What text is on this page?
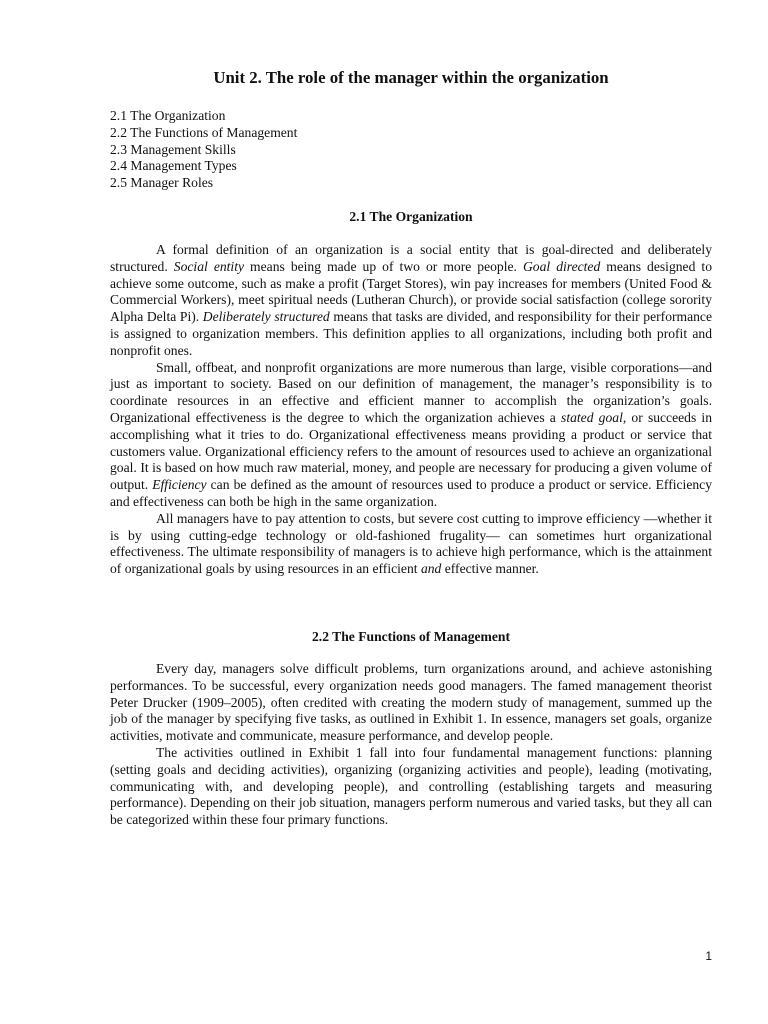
Unit 2. The role of the manager within the organization
2.1 The Organization
2.2 The Functions of Management
2.3 Management Skills
2.4 Management Types
2.5 Manager Roles
2.1 The Organization

A formal definition of an organization is a social entity that is goal-directed and deliberately structured. Social entity means being made up of two or more people. Goal directed means designed to achieve some outcome, such as make a profit (Target Stores), win pay increases for members (United Food & Commercial Workers), meet spiritual needs (Lutheran Church), or provide social satisfaction (college sorority Alpha Delta Pi). Deliberately structured means that tasks are divided, and responsibility for their performance is assigned to organization members. This definition applies to all organizations, including both profit and nonprofit ones.

Small, offbeat, and nonprofit organizations are more numerous than large, visible corporations—and just as important to society. Based on our definition of management, the manager’s responsibility is to coordinate resources in an effective and efficient manner to accomplish the organization’s goals. Organizational effectiveness is the degree to which the organization achieves a stated goal, or succeeds in accomplishing what it tries to do. Organizational effectiveness means providing a product or service that customers value. Organizational efficiency refers to the amount of resources used to achieve an organizational goal. It is based on how much raw material, money, and people are necessary for producing a given volume of output. Efficiency can be defined as the amount of resources used to produce a product or service. Efficiency and effectiveness can both be high in the same organization.

All managers have to pay attention to costs, but severe cost cutting to improve efficiency —whether it is by using cutting-edge technology or old-fashioned frugality— can sometimes hurt organizational effectiveness. The ultimate responsibility of managers is to achieve high performance, which is the attainment of organizational goals by using resources in an efficient and effective manner.

2.2 The Functions of Management

Every day, managers solve difficult problems, turn organizations around, and achieve astonishing performances. To be successful, every organization needs good managers. The famed management theorist Peter Drucker (1909–2005), often credited with creating the modern study of management, summed up the job of the manager by specifying five tasks, as outlined in Exhibit 1. In essence, managers set goals, organize activities, motivate and communicate, measure performance, and develop people.

The activities outlined in Exhibit 1 fall into four fundamental management functions: planning (setting goals and deciding activities), organizing (organizing activities and people), leading (motivating, communicating with, and developing people), and controlling (establishing targets and measuring performance). Depending on their job situation, managers perform numerous and varied tasks, but they all can be categorized within these four primary functions.

1
